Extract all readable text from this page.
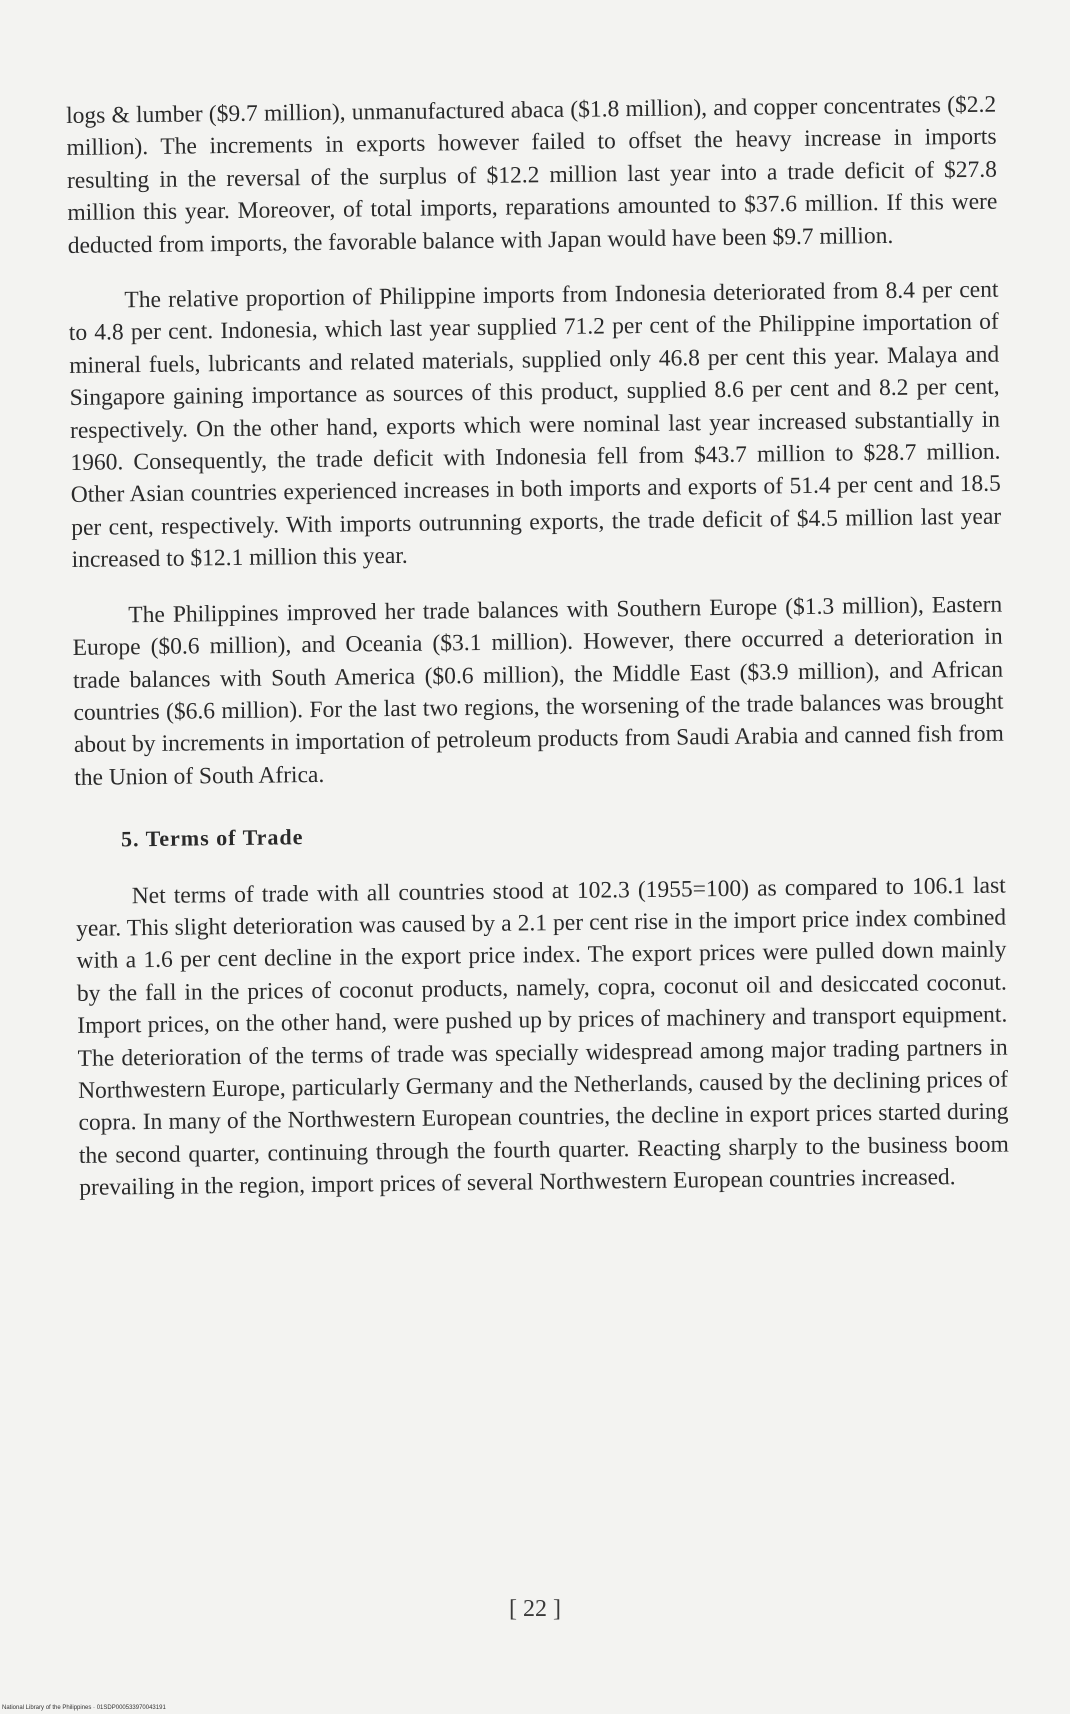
logs & lumber ($9.7 million), unmanufactured abaca ($1.8 million), and copper concentrates ($2.2 million). The increments in exports however failed to offset the heavy increase in imports resulting in the reversal of the surplus of $12.2 million last year into a trade deficit of $27.8 million this year. Moreover, of total imports, reparations amounted to $37.6 million. If this were deducted from imports, the favorable balance with Japan would have been $9.7 million.

The relative proportion of Philippine imports from Indonesia deteriorated from 8.4 per cent to 4.8 per cent. Indonesia, which last year supplied 71.2 per cent of the Philippine importation of mineral fuels, lubricants and related materials, supplied only 46.8 per cent this year. Malaya and Singapore gaining importance as sources of this product, supplied 8.6 per cent and 8.2 per cent, respectively. On the other hand, exports which were nominal last year increased substantially in 1960. Consequently, the trade deficit with Indonesia fell from $43.7 million to $28.7 million. Other Asian countries experienced increases in both imports and exports of 51.4 per cent and 18.5 per cent, respectively. With imports outrunning exports, the trade deficit of $4.5 million last year increased to $12.1 million this year.

The Philippines improved her trade balances with Southern Europe ($1.3 million), Eastern Europe ($0.6 million), and Oceania ($3.1 million). However, there occurred a deterioration in trade balances with South America ($0.6 million), the Middle East ($3.9 million), and African countries ($6.6 million). For the last two regions, the worsening of the trade balances was brought about by increments in importation of petroleum products from Saudi Arabia and canned fish from the Union of South Africa.

5. Terms of Trade

Net terms of trade with all countries stood at 102.3 (1955=100) as compared to 106.1 last year. This slight deterioration was caused by a 2.1 per cent rise in the import price index combined with a 1.6 per cent decline in the export price index. The export prices were pulled down mainly by the fall in the prices of coconut products, namely, copra, coconut oil and desiccated coconut. Import prices, on the other hand, were pushed up by prices of machinery and transport equipment. The deterioration of the terms of trade was specially widespread among major trading partners in Northwestern Europe, particularly Germany and the Netherlands, caused by the declining prices of copra. In many of the Northwestern European countries, the decline in export prices started during the second quarter, continuing through the fourth quarter. Reacting sharply to the business boom prevailing in the region, import prices of several Northwestern European countries increased.

[ 22 ]
National Library of the Philippines · 01SDP000533970043191
